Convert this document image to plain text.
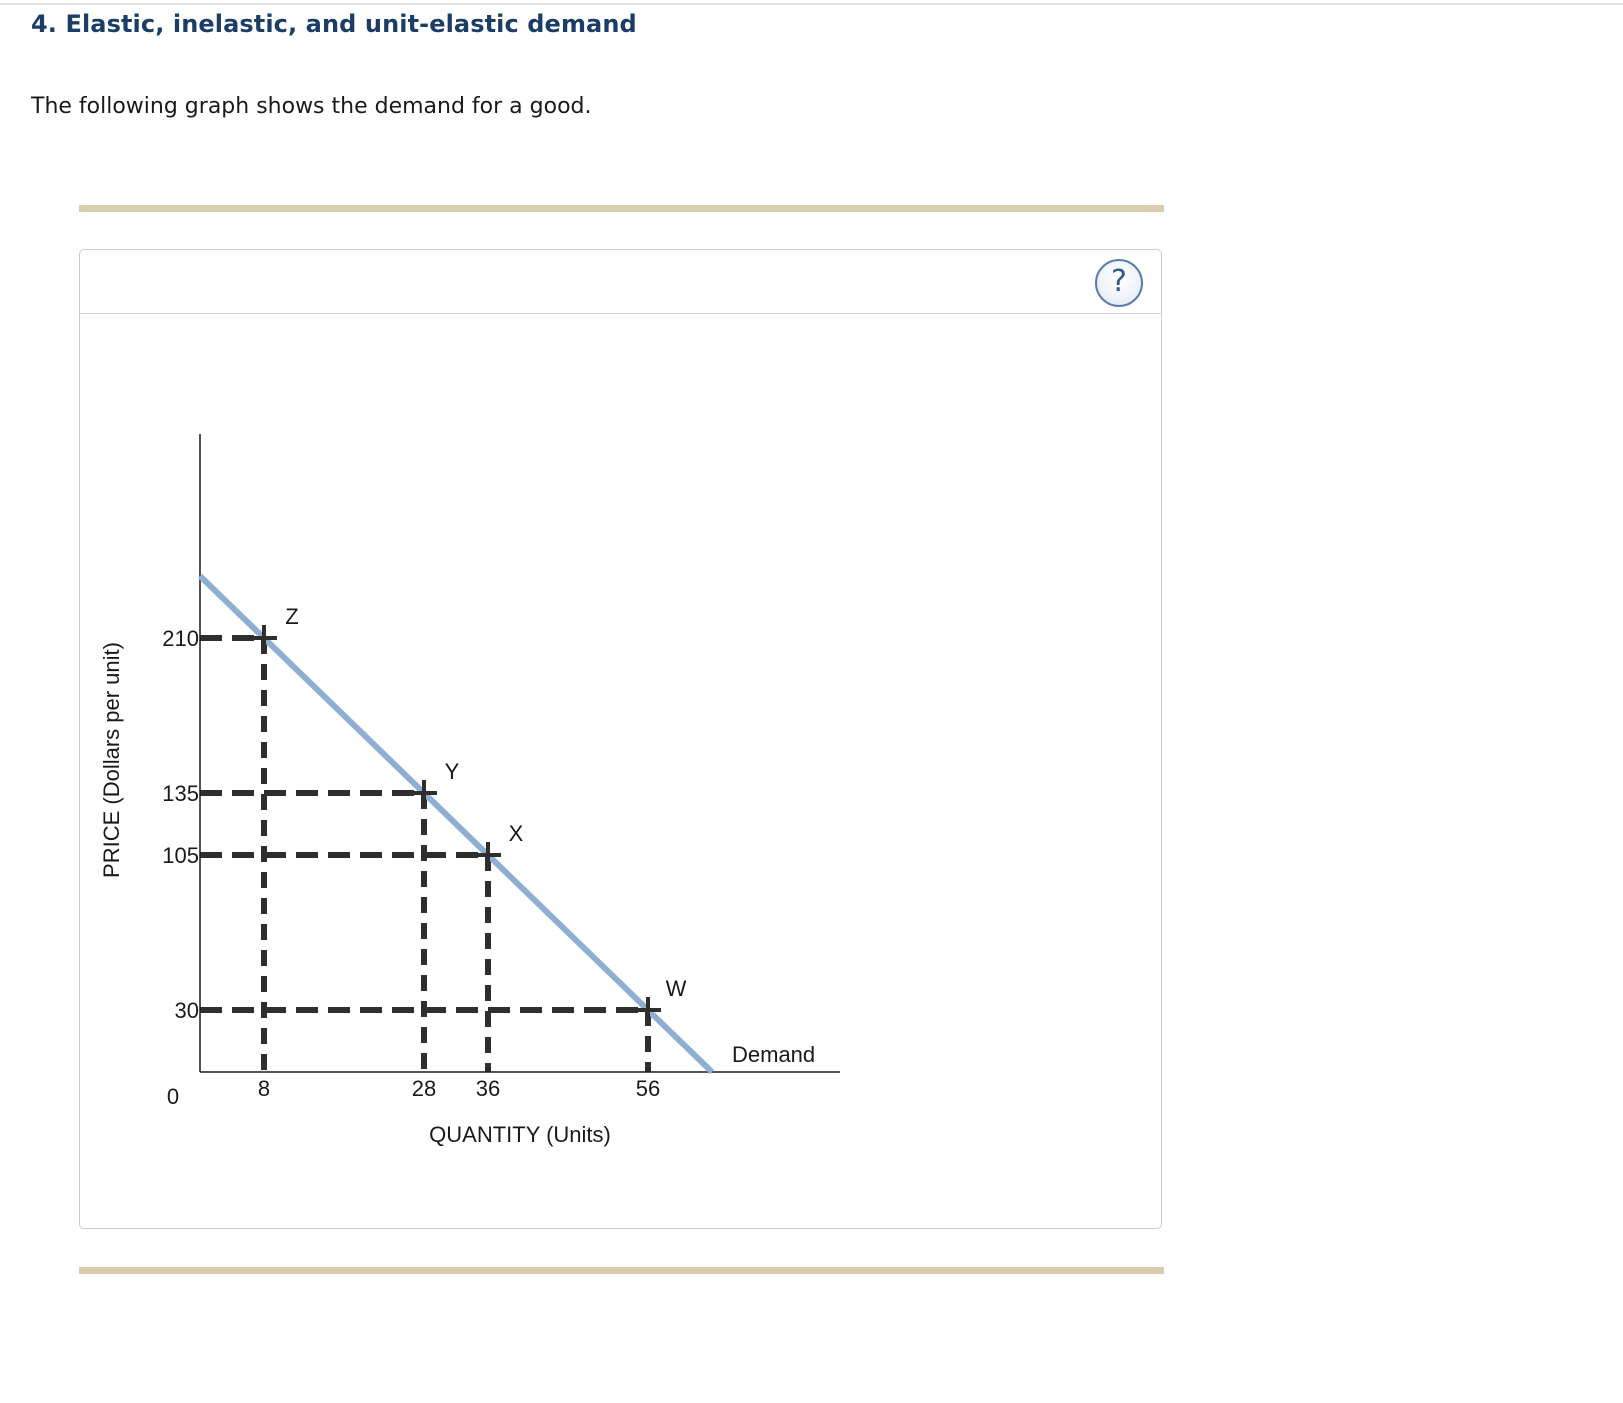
4. Elastic, inelastic, and unit-elastic demand

The following graph shows the demand for a good.

?
QUANTITY (Units)
PRICE (Dollars per unit)
0
Z
Y
X
W
Demand
8	28 36	56
210
135
105
30
